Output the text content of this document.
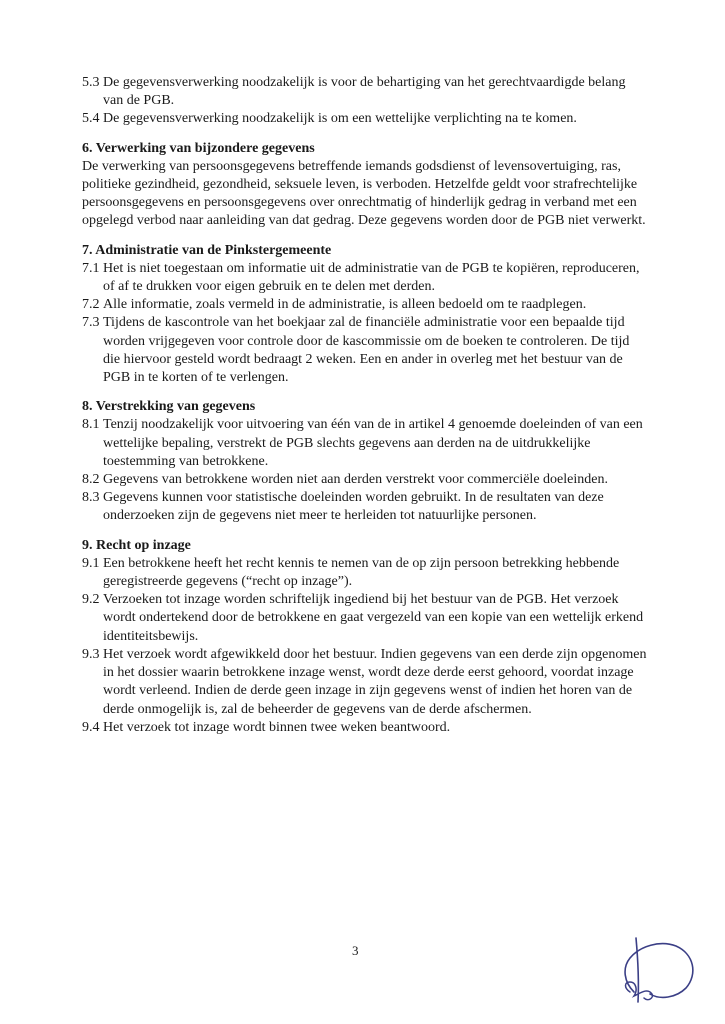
5.3 De gegevensverwerking noodzakelijk is voor de behartiging van het gerechtvaardigde belang van de PGB.
5.4 De gegevensverwerking noodzakelijk is om een wettelijke verplichting na te komen.

6. Verwerking van bijzondere gegevens

De verwerking van persoonsgegevens betreffende iemands godsdienst of levensovertuiging, ras, politieke gezindheid, gezondheid, seksuele leven, is verboden. Hetzelfde geldt voor strafrechtelijke persoonsgegevens en persoonsgegevens over onrechtmatig of hinderlijk gedrag in verband met een opgelegd verbod naar aanleiding van dat gedrag. Deze gegevens worden door de PGB niet verwerkt.

7. Administratie van de Pinkstergemeente

7.1 Het is niet toegestaan om informatie uit de administratie van de PGB te kopiëren, reproduceren, of af te drukken voor eigen gebruik en te delen met derden.
7.2 Alle informatie, zoals vermeld in de administratie, is alleen bedoeld om te raadplegen.
7.3 Tijdens de kascontrole van het boekjaar zal de financiële administratie voor een bepaalde tijd worden vrijgegeven voor controle door de kascommissie om de boeken te controleren. De tijd die hiervoor gesteld wordt bedraagt 2 weken. Een en ander in overleg met het bestuur van de PGB in te korten of te verlengen.

8. Verstrekking van gegevens

8.1 Tenzij noodzakelijk voor uitvoering van één van de in artikel 4 genoemde doeleinden of van een wettelijke bepaling, verstrekt de PGB slechts gegevens aan derden na de uitdrukkelijke toestemming van betrokkene.
8.2 Gegevens van betrokkene worden niet aan derden verstrekt voor commerciële doeleinden.
8.3 Gegevens kunnen voor statistische doeleinden worden gebruikt. In de resultaten van deze onderzoeken zijn de gegevens niet meer te herleiden tot natuurlijke personen.

9. Recht op inzage

9.1 Een betrokkene heeft het recht kennis te nemen van de op zijn persoon betrekking hebbende geregistreerde gegevens (“recht op inzage”).
9.2 Verzoeken tot inzage worden schriftelijk ingediend bij het bestuur van de PGB. Het verzoek wordt ondertekend door de betrokkene en gaat vergezeld van een kopie van een wettelijk erkend identiteitsbewijs.
9.3 Het verzoek wordt afgewikkeld door het bestuur. Indien gegevens van een derde zijn opgenomen in het dossier waarin betrokkene inzage wenst, wordt deze derde eerst gehoord, voordat inzage wordt verleend. Indien de derde geen inzage in zijn gegevens wenst of indien het horen van de derde onmogelijk is, zal de beheerder de gegevens van de derde afschermen.
9.4 Het verzoek tot inzage wordt binnen twee weken beantwoord.
3
